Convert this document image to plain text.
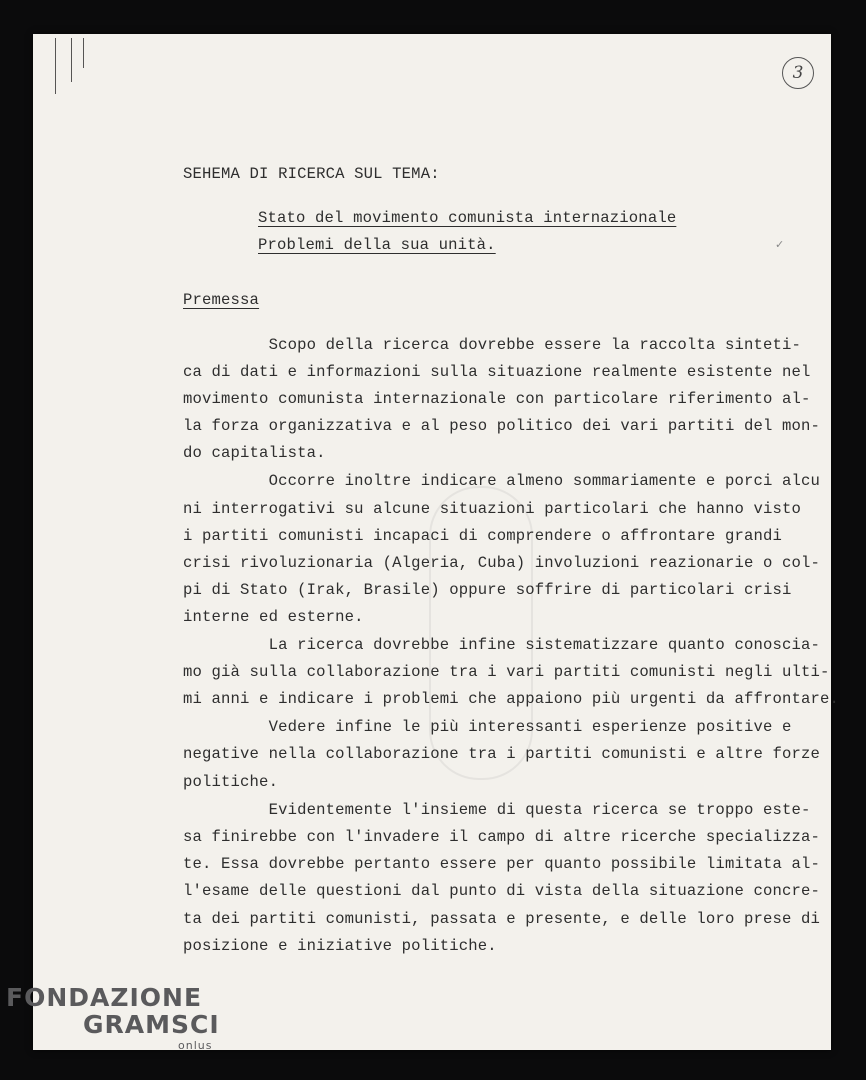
3
✓
SEHEMA DI RICERCA SUL TEMA:
Stato del movimento comunista internazionale
Problemi della sua unità.
Premessa
Scopo della ricerca dovrebbe essere la raccolta sinteti-
ca di dati e informazioni sulla situazione realmente esistente nel
movimento comunista internazionale con particolare riferimento al-
la forza organizzativa e al peso politico dei vari partiti del mon-
do capitalista.
Occorre inoltre indicare almeno sommariamente e porci alcu
ni interrogativi su alcune situazioni particolari che hanno visto
i partiti comunisti incapaci di comprendere o affrontare grandi
crisi rivoluzionaria (Algeria, Cuba) involuzioni reazionarie o col-
pi di Stato (Irak, Brasile) oppure soffrire di particolari crisi
interne ed esterne.
La ricerca dovrebbe infine sistematizzare quanto conoscia-
mo già sulla collaborazione tra i vari partiti comunisti negli ulti-
mi anni e indicare i problemi che appaiono più urgenti da affrontare.
Vedere infine le più interessanti esperienze positive e
negative nella collaborazione tra i partiti comunisti e altre forze
politiche.
Evidentemente l'insieme di questa ricerca se troppo este-
sa finirebbe con l'invadere il campo di altre ricerche specializza-
te. Essa dovrebbe pertanto essere per quanto possibile limitata al-
l'esame delle questioni dal punto di vista della situazione concre-
ta dei partiti comunisti, passata e presente, e delle loro prese di
posizione e iniziative politiche.
FONDAZIONE
GRAMSCI
onlus
